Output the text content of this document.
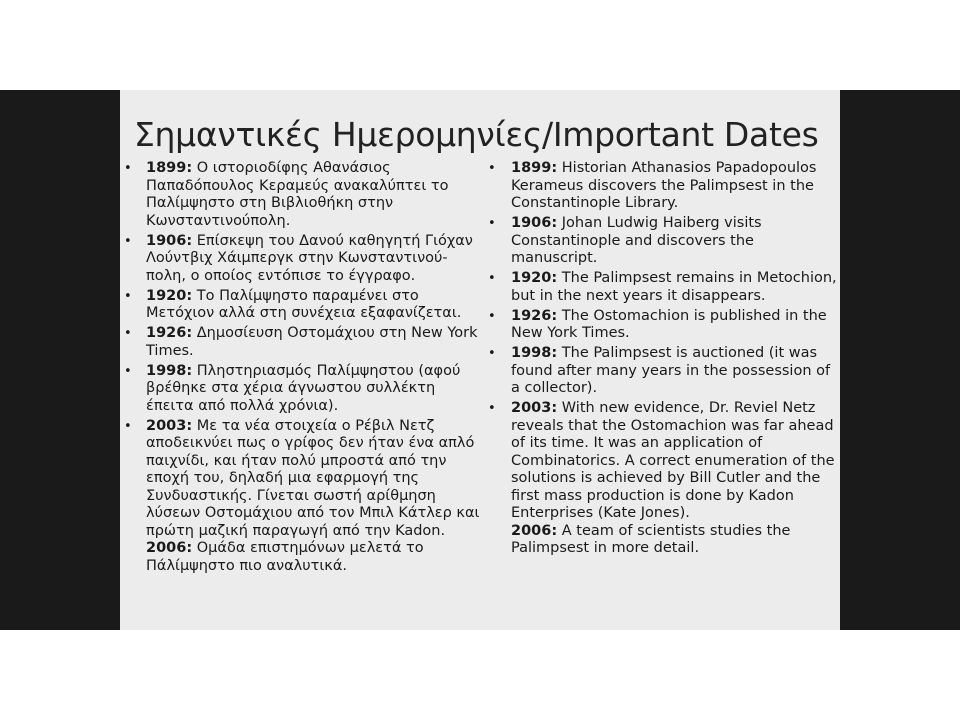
Σημαντικές Ημερομηνίες/Important Dates
• 1899: Ο ιστοριοδίφης Αθανάσιος Παπαδόπουλος Κεραμεύς ανακαλύπτει το Παλίμψηστο στη Βιβλιοθήκη στην Κωνσταντινούπολη.
• 1906: Επίσκεψη του Δανού καθηγητή Γιόχαν Λούντβιχ Χάιμπεργκ στην Κωνσταντινού-πολη, ο οποίος εντόπισε το έγγραφο.
• 1920: Το Παλίμψηστο παραμένει στο Μετόχιον αλλά στη συνέχεια εξαφανίζεται.
• 1926: Δημοσίευση Οστομάχιου στη New York Times.
• 1998: Πληστηριασμός Παλίμψηστου (αφού βρέθηκε στα χέρια άγνωστου συλλέκτη έπειτα από πολλά χρόνια).
• 2003: Με τα νέα στοιχεία ο Ρέβιλ Νετζ αποδεικνύει πως ο γρίφος δεν ήταν ένα απλό παιχνίδι, και ήταν πολύ μπροστά από την εποχή του, δηλαδή μια εφαρμογή της Συνδυαστικής. Γίνεται σωστή αρίθμηση λύσεων Οστομάχιου από τον Μπιλ Κάτλερ και πρώτη μαζική παραγωγή από την Kadon.
2006: Ομάδα επιστημόνων μελετά το Πάλίμψηστο πιο αναλυτικά.
• 1899: Historian Athanasios Papadopoulos Kerameus discovers the Palimpsest in the Constantinople Library.
• 1906: Johan Ludwig Haiberg visits Constantinople and discovers the manuscript.
• 1920: The Palimpsest remains in Metochion, but in the next years it disappears.
• 1926: The Ostomachion is published in the New York Times.
• 1998: The Palimpsest is auctioned (it was found after many years in the possession of a collector).
• 2003: With new evidence, Dr. Reviel Netz reveals that the Ostomachion was far ahead of its time. It was an application of Combinatorics. A correct enumeration of the solutions is achieved by Bill Cutler and the first mass production is done by Kadon Enterprises (Kate Jones).
2006: A team of scientists studies the Palimpsest in more detail.
